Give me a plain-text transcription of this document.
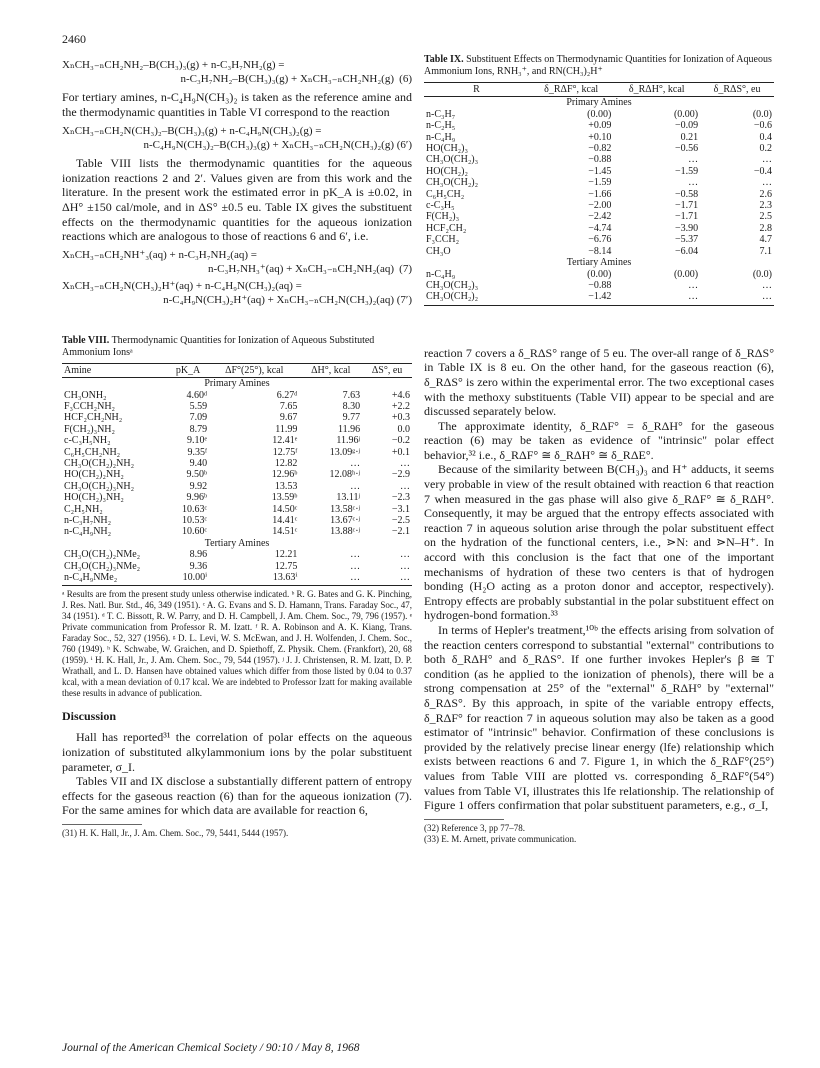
2460
XₙCH₃₋ₙCH₂NH₂–B(CH₃)₃(g) + n-C₃H₇NH₂(g) =
n-C₃H₇NH₂–B(CH₃)₃(g) + XₙCH₃₋ₙCH₂NH₂(g) (6)

For tertiary amines, n-C₄H₉N(CH₃)₂ is taken as the reference amine and the thermodynamic quantities in Table VI correspond to the reaction

XₙCH₃₋ₙCH₂N(CH₃)₂–B(CH₃)₃(g) + n-C₄H₉N(CH₃)₂(g) =
n-C₄H₉N(CH₃)₂–B(CH₃)₃(g) + XₙCH₃₋ₙCH₂N(CH₃)₂(g) (6′)

Table VIII lists the thermodynamic quantities for the aqueous ionization reactions 2 and 2′. Values given are from this work and the literature. In the present work the estimated error in pK_A is ±0.02, in ΔH° ±150 cal/mole, and in ΔS° ±0.5 eu. Table IX gives the substituent effects on the thermodynamic quantities for the aqueous ionization reactions which are analogous to those of reactions 6 and 6′, i.e.

XₙCH₃₋ₙCH₂NH⁺₃(aq) + n-C₃H₇NH₂(aq) =
n-C₃H₇NH₃⁺(aq) + XₙCH₃₋ₙCH₂NH₂(aq) (7)
XₙCH₃₋ₙCH₂N(CH₃)₂H⁺(aq) + n-C₄H₉N(CH₃)₂(aq) =
n-C₄H₉N(CH₃)₂H⁺(aq) + XₙCH₃₋ₙCH₂N(CH₃)₂(aq) (7′)
Table VIII. Thermodynamic Quantities for Ionization of Aqueous Substituted Ammonium Ionsᵃ
Amine	pK_A	ΔF°(25°), kcal	ΔH°, kcal	ΔS°, eu
Primary Amines				
CH₃ONH₂	4.60ᵈ	6.27ᵈ	7.63	+4.6
F₃CCH₂NH₂	5.59	7.65	8.30	+2.2
HCF₂CH₂NH₂	7.09	9.67	9.77	+0.3
F(CH₂)₃NH₂	8.79	11.99	11.96	0.0
c-C₃H₅NH₂	9.10ᵉ	12.41ᵉ	11.96ʲ	−0.2
C₆H₅CH₂NH₂	9.35ᶠ	12.75ᶠ	13.09ᵍ·ʲ	+0.1
CH₃O(CH₂)₂NH₂	9.40	12.82	…	…
HO(CH₂)₂NH₂	9.50ᵇ	12.96ᵇ	12.08ʰ·ʲ	−2.9
CH₃O(CH₂)₃NH₂	9.92	13.53	…	…
HO(CH₂)₃NH₂	9.96ᵇ	13.59ᵇ	13.11ʲ	−2.3
C₂H₅NH₂	10.63ᶜ	14.50ᶜ	13.58ᶜ·ʲ	−3.1
n-C₃H₇NH₂	10.53ᶜ	14.41ᶜ	13.67ᶜ·ʲ	−2.5
n-C₄H₉NH₂	10.60ᶜ	14.51ᶜ	13.88ᶜ·ʲ	−2.1
Tertiary Amines				
CH₃O(CH₂)₂NMe₂	8.96	12.21	…	…
CH₃O(CH₂)₃NMe₂	9.36	12.75	…	…
n-C₄H₉NMe₂	10.00ⁱ	13.63ⁱ	…	…

ᵃ Results are from the present study unless otherwise indicated. ᵇ R. G. Bates and G. K. Pinching, J. Res. Natl. Bur. Std., 46, 349 (1951). ᶜ A. G. Evans and S. D. Hamann, Trans. Faraday Soc., 47, 34 (1951). ᵈ T. C. Bissott, R. W. Parry, and D. H. Campbell, J. Am. Chem. Soc., 79, 796 (1957). ᵉ Private communication from Professor R. M. Izatt. ᶠ R. A. Robinson and A. K. Kiang, Trans. Faraday Soc., 52, 327 (1956). ᵍ D. L. Levi, W. S. McEwan, and J. H. Wolfenden, J. Chem. Soc., 760 (1949). ʰ K. Schwabe, W. Graichen, and D. Spiethoff, Z. Physik. Chem. (Frankfort), 20, 68 (1959). ⁱ H. K. Hall, Jr., J. Am. Chem. Soc., 79, 544 (1957). ʲ J. J. Christensen, R. M. Izatt, D. P. Wrathall, and L. D. Hansen have obtained values which differ from those listed by 0.04 to 0.37 kcal, with a mean deviation of 0.17 kcal. We are indebted to Professor Izatt for making available these results in advance of publication.

Discussion

Hall has reported³¹ the correlation of polar effects on the aqueous ionization of substituted alkylammonium ions by the polar substituent parameter, σ_I.

Tables VII and IX disclose a substantially different pattern of entropy effects for the gaseous reaction (6) than for the aqueous ionization (7). For the same amines for which data are available for reaction 6,

(31) H. K. Hall, Jr., J. Am. Chem. Soc., 79, 5441, 5444 (1957).

Table IX. Substituent Effects on Thermodynamic Quantities for Ionization of Aqueous Ammonium Ions, RNH₃⁺, and RN(CH₃)₂H⁺
R	δ_RΔF°, kcal	δ_RΔH°, kcal	δ_RΔS°, eu
Primary Amines			
n-C₃H₇	(0.00)	(0.00)	(0.0)
n-C₂H₅	+0.09	−0.09	−0.6
n-C₄H₉	+0.10	0.21	0.4
HO(CH₂)₃	−0.82	−0.56	0.2
CH₃O(CH₂)₃	−0.88	…	…
HO(CH₂)₂	−1.45	−1.59	−0.4
CH₃O(CH₂)₂	−1.59	…	…
C₆H₅CH₂	−1.66	−0.58	2.6
c-C₃H₅	−2.00	−1.71	2.3
F(CH₂)₃	−2.42	−1.71	2.5
HCF₂CH₂	−4.74	−3.90	2.8
F₃CCH₂	−6.76	−5.37	4.7
CH₃O	−8.14	−6.04	7.1
Tertiary Amines			
n-C₄H₉	(0.00)	(0.00)	(0.0)
CH₃O(CH₂)₃	−0.88	…	…
CH₃O(CH₂)₂	−1.42	…	…

reaction 7 covers a δ_RΔS° range of 5 eu. The over-all range of δ_RΔS° in Table IX is 8 eu. On the other hand, for the gaseous reaction (6), δ_RΔS° is zero within the experimental error. The two exceptional cases with the methoxy substituents (Table VII) appear to be special and are discussed separately below.

The approximate identity, δ_RΔF° = δ_RΔH° for the gaseous reaction (6) may be taken as evidence of "intrinsic" polar effect behavior,³² i.e., δ_RΔF° ≅ δ_RΔH° ≅ δ_RΔE°.

Because of the similarity between B(CH₃)₃ and H⁺ adducts, it seems very probable in view of the result obtained with reaction 6 that reaction 7 when measured in the gas phase will also give δ_RΔF° ≅ δ_RΔH°. Consequently, it may be argued that the entropy effects associated with reaction 7 in aqueous solution arise through the polar substituent effect on the hydration of the functional centers, i.e., ⋗N: and ⋗N–H⁺. In accord with this conclusion is the fact that one of the important mechanisms of hydration of these two centers is that of hydrogen bonding (H₂O acting as a proton donor and acceptor, respectively). Entropy effects are probably substantial in the polar substituent effect on hydrogen-bond formation.³³

In terms of Hepler's treatment,¹⁰ᵇ the effects arising from solvation of the reaction centers correspond to substantial "external" contributions to both δ_RΔH° and δ_RΔS°. If one further invokes Hepler's β ≅ T condition (as he applied to the ionization of phenols), there will be a strong compensation at 25° of the "external" δ_RΔH° by "external" δ_RΔS°. By this approach, in spite of the variable entropy effects, δ_RΔF° for reaction 7 in aqueous solution may also be taken as a good estimator of "intrinsic" behavior. Confirmation of these conclusions is provided by the relatively precise linear energy (lfe) relationship which exists between reactions 6 and 7. Figure 1, in which the δ_RΔF°(25°) values from Table VIII are plotted vs. corresponding δ_RΔF°(54°) values from Table VI, illustrates this lfe relationship. The relationship of Figure 1 offers confirmation that polar substituent parameters, e.g., σ_I,

(32) Reference 3, pp 77–78.

(33) E. M. Arnett, private communication.

Journal of the American Chemical Society / 90:10 / May 8, 1968
